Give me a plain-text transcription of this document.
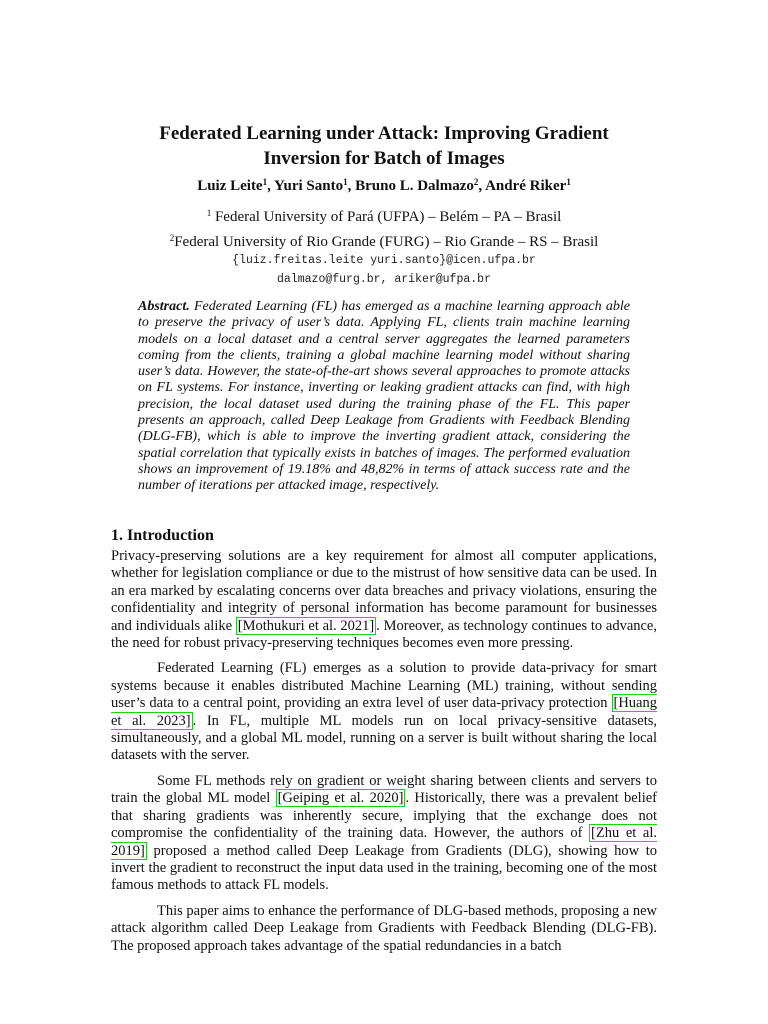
Federated Learning under Attack: Improving Gradient
Inversion for Batch of Images
Luiz Leite$^1$, Yuri Santo$^1$, Bruno L. Dalmazo$^2$, André Riker$^1$
$^1$ Federal University of Pará (UFPA) – Belém – PA – Brasil
$^2$Federal University of Rio Grande (FURG) – Rio Grande – RS – Brasil
{luiz.freitas.leite yuri.santo}@icen.ufpa.br
dalmazo@furg.br, ariker@ufpa.br
Abstract. Federated Learning (FL) has emerged as a machine learning approach able to preserve the privacy of user’s data. Applying FL, clients train machine learning models on a local dataset and a central server aggregates the learned parameters coming from the clients, training a global machine learning model without sharing user’s data. However, the state-of-the-art shows several approaches to promote attacks on FL systems. For instance, inverting or leaking gradient attacks can find, with high precision, the local dataset used during the training phase of the FL. This paper presents an approach, called Deep Leakage from Gradients with Feedback Blending (DLG-FB), which is able to improve the inverting gradient attack, considering the spatial correlation that typically exists in batches of images. The performed evaluation shows an improvement of 19.18% and 48,82% in terms of attack success rate and the number of iterations per attacked image, respectively.
1. Introduction

Privacy-preserving solutions are a key requirement for almost all computer applications, whether for legislation compliance or due to the mistrust of how sensitive data can be used. In an era marked by escalating concerns over data breaches and privacy violations, ensuring the confidentiality and integrity of personal information has become paramount for businesses and individuals alike [Mothukuri et al. 2021] . Moreover, as technology continues to advance, the need for robust privacy-preserving techniques becomes even more pressing.

Federated Learning (FL) emerges as a solution to provide data-privacy for smart systems because it enables distributed Machine Learning (ML) training, without sending user’s data to a central point, providing an extra level of user data-privacy protection [Huang et al. 2023] . In FL, multiple ML models run on local privacy-sensitive datasets, simultaneously, and a global ML model, running on a server is built without sharing the local datasets with the server.

Some FL methods rely on gradient or weight sharing between clients and servers to train the global ML model [Geiping et al. 2020] . Historically, there was a prevalent belief that sharing gradients was inherently secure, implying that the exchange does not compromise the confidentiality of the training data. However, the authors of [Zhu et al. 2019] proposed a method called Deep Leakage from Gradients (DLG), showing how to invert the gradient to reconstruct the input data used in the training, becoming one of the most famous methods to attack FL models.

This paper aims to enhance the performance of DLG-based methods, proposing a new attack algorithm called Deep Leakage from Gradients with Feedback Blending (DLG-FB). The proposed approach takes advantage of the spatial redundancies in a batch
